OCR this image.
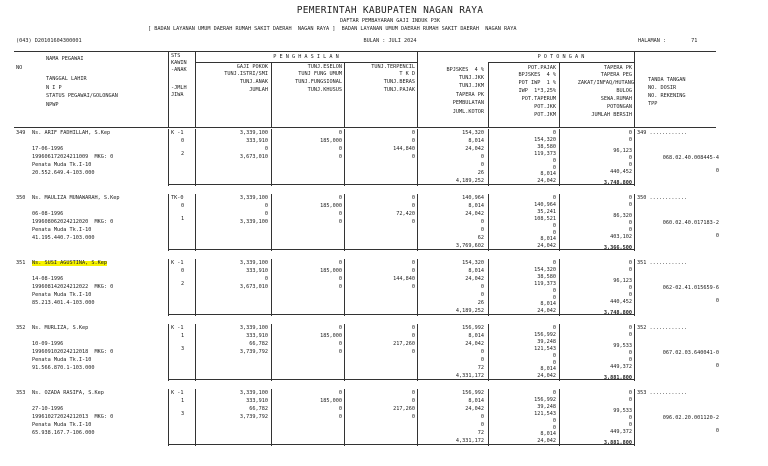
PEMERINTAH KABUPATEN NAGAN RAYA
DAFTAR PEMBAYARAN GAJI INDUK P3K
[ BADAN LAYANAN UMUM DAERAH RUMAH SAKIT DAERAH  NAGAN RAYA ]  BADAN LAYANAN UMUM DAERAH RUMAH SAKIT DAERAH  NAGAN RAYA
(043) D20101604300001	BULAN : JULI 2024	HALAMAN :        71
NO
NAMA PEGAWAI
TANGGAL LAHIR
N I P
STATUS PEGAWAI/GOLONGAN
NPWP
STS
KAWIN
-ANAK
-JMLH
JIWA
P E N G H A S I L A N
GAJI POKOK
TUNJ.ISTRI/SMI
TUNJ.ANAK
JUMLAH
TUNJ.ESELON
TUNJ FUNG UMUM
TUNJ.FUNGSIONAL
TUNJ.KHUSUS
TUNJ.TERPENCIL
T K D
TUNJ.BERAS
TUNJ.PAJAK
BPJSKES  4 %
TUNJ.JKK
TUNJ.JKM
TAPERA PK
PEMBULATAN
JUML.KOTOR
P O T O N G A N
POT.PAJAK
BPJSKES  4 %
POT IWP  1 %
IWP  1*3,25%
POT.TAPERUM
POT.JKK
POT.JKM
TAPERA PK
TAPERA PEG
ZAKAT/INFAQ/HUTANG
BULOG
SEWA.RUMAH
POTONGAN
JUMLAH BERSIH
TANDA TANGAN
NO. DOSIR
NO. REKENING
TPP
349 Ns. ARIF FADHILLAH, S.Kep
17-06-1996
199606172024211009  MKG: 0
Penata Muda Tk.I-10
20.552.649.4-103.000
K -1
0
2
3,339,100
333,910
0
3,673,010
0
185,000
0
0
0
0
144,840
0
154,320
8,014
24,042
0
0
26
4,189,252
0
154,320
38,580
119,373
0
0
8,014
24,042
0
0
96,123
0
0
440,452
3,748,800
349 ............
068.02.40.008445-4
0
350 Ns. MAULIZA MUNAWARAH, S.Kep
06-08-1996
199608062024212020  MKG: 0
Penata Muda Tk.I-10
41.195.440.7-103.000
TK-0
0
1
3,339,100
0
0
3,339,100
0
185,000
0
0
0
0
72,420
0
140,964
8,014
24,042
0
0
62
3,769,602
0
140,964
35,241
108,521
0
0
8,014
24,042
0
0
86,320
0
0
403,102
3,366,500
350 ............
060.02.40.017183-2
0
351 Ns. SUSI AGUSTINA, S.Kep
14-08-1996
199608142024212022  MKG: 0
Penata Muda Tk.I-10
85.213.401.4-103.000
K -1
0
2
3,339,100
333,910
0
3,673,010
0
185,000
0
0
0
0
144,840
0
154,320
8,014
24,042
0
0
26
4,189,252
0
154,320
38,580
119,373
0
0
8,014
24,042
0
0
96,123
0
0
440,452
3,748,800
351 ............
062-02.41.015659-6
0
352 Ns. MURLIZA, S.Kep
10-09-1996
199609102024212018  MKG: 0
Penata Muda Tk.I-10
91.566.870.1-103.000
K -1
1
3
3,339,100
333,910
66,782
3,739,792
0
185,000
0
0
0
0
217,260
0
156,992
8,014
24,042
0
0
72
4,331,172
0
156,992
39,248
121,543
0
0
8,014
24,042
0
0
99,533
0
0
449,372
3,881,800
352 ............
067.02.03.640041-0
0
353 Ns. OZADA RASIFA, S.Kep
27-10-1996
199610272024212013  MKG: 0
Penata Muda Tk.I-10
65.938.167.7-106.000
K -1
1
3
3,339,100
333,910
66,782
3,739,792
0
185,000
0
0
0
0
217,260
0
156,992
8,014
24,042
0
0
72
4,331,172
0
156,992
39,248
121,543
0
0
8,014
24,042
0
0
99,533
0
0
449,372
3,881,800
353 ............
096.02.20.001120-2
0
